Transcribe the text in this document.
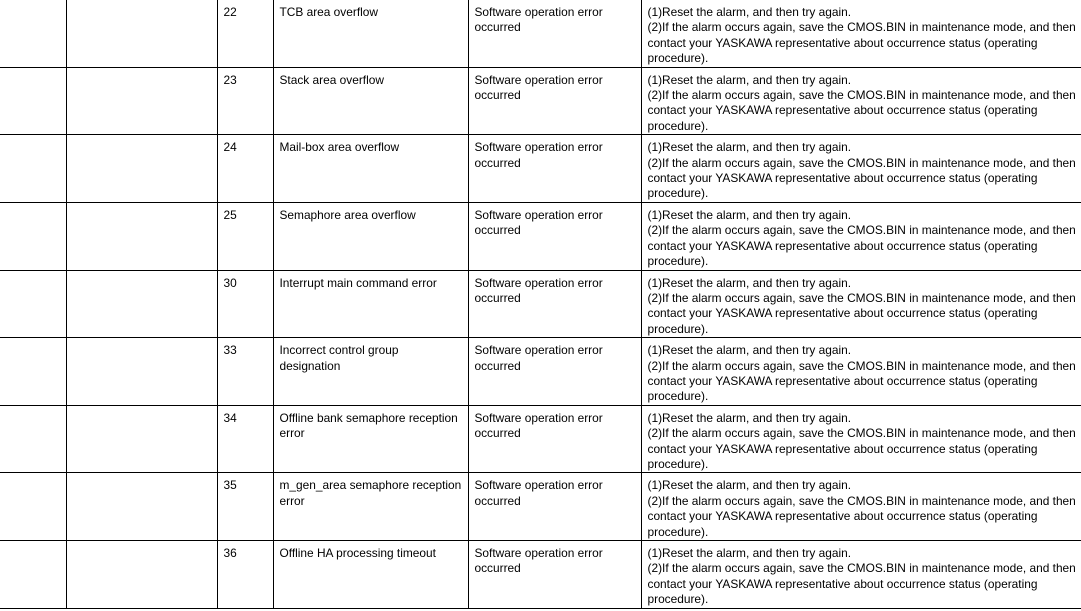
		22	TCB area overflow	Software operation error occurred	(1)Reset the alarm, and then try again.
(2)If the alarm occurs again, save the CMOS.BIN in maintenance mode, and then contact your YASKAWA representative about occurrence status (operating procedure).

		23	Stack area overflow	Software operation error occurred	(1)Reset the alarm, and then try again.
(2)If the alarm occurs again, save the CMOS.BIN in maintenance mode, and then contact your YASKAWA representative about occurrence status (operating procedure).

		24	Mail-box area overflow	Software operation error occurred	(1)Reset the alarm, and then try again.
(2)If the alarm occurs again, save the CMOS.BIN in maintenance mode, and then contact your YASKAWA representative about occurrence status (operating procedure).

		25	Semaphore area overflow	Software operation error occurred	(1)Reset the alarm, and then try again.
(2)If the alarm occurs again, save the CMOS.BIN in maintenance mode, and then contact your YASKAWA representative about occurrence status (operating procedure).

		30	Interrupt main command error	Software operation error occurred	(1)Reset the alarm, and then try again.
(2)If the alarm occurs again, save the CMOS.BIN in maintenance mode, and then contact your YASKAWA representative about occurrence status (operating procedure).

		33	Incorrect control group designation	Software operation error occurred	(1)Reset the alarm, and then try again.
(2)If the alarm occurs again, save the CMOS.BIN in maintenance mode, and then contact your YASKAWA representative about occurrence status (operating procedure).

		34	Offline bank semaphore reception error	Software operation error occurred	(1)Reset the alarm, and then try again.
(2)If the alarm occurs again, save the CMOS.BIN in maintenance mode, and then contact your YASKAWA representative about occurrence status (operating procedure).

		35	m_gen_area semaphore reception error	Software operation error occurred	(1)Reset the alarm, and then try again.
(2)If the alarm occurs again, save the CMOS.BIN in maintenance mode, and then contact your YASKAWA representative about occurrence status (operating procedure).

		36	Offline HA processing timeout	Software operation error occurred	(1)Reset the alarm, and then try again.
(2)If the alarm occurs again, save the CMOS.BIN in maintenance mode, and then contact your YASKAWA representative about occurrence status (operating procedure).
